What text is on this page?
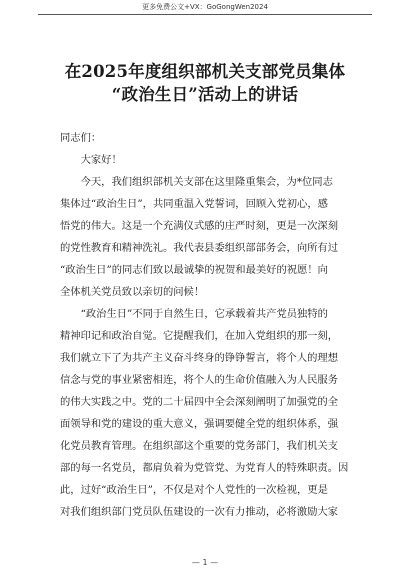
更多免费公文+VX：GoGongWen2024
在2025年度组织部机关支部党员集体
“政治生日”活动上的讲话
同志们：
　　大家好！
　　今天，我们组织部机关支部在这里隆重集会，为*位同志
集体过“政治生日”，共同重温入党誓词，回顾入党初心，感
悟党的伟大。这是一个充满仪式感的庄严时刻，更是一次深刻
的党性教育和精神洗礼。我代表县委组织部部务会，向所有过
“政治生日”的同志们致以最诚挚的祝贺和最美好的祝愿！向
全体机关党员致以亲切的问候！
　　“政治生日”不同于自然生日，它承载着共产党员独特的
精神印记和政治自觉。它提醒我们，在加入党组织的那一刻，
我们就立下了为共产主义奋斗终身的铮铮誓言，将个人的理想
信念与党的事业紧密相连，将个人的生命价值融入为人民服务
的伟大实践之中。党的二十届四中全会深刻阐明了加强党的全
面领导和党的建设的重大意义，强调要健全党的组织体系，强
化党员教育管理。在组织部这个重要的党务部门，我们机关支
部的每一名党员，都肩负着为党管党、为党育人的特殊职责。因
此，过好“政治生日”，不仅是对个人党性的一次检视，更是
对我们组织部门党员队伍建设的一次有力推动，必将激励大家
— 1 —
